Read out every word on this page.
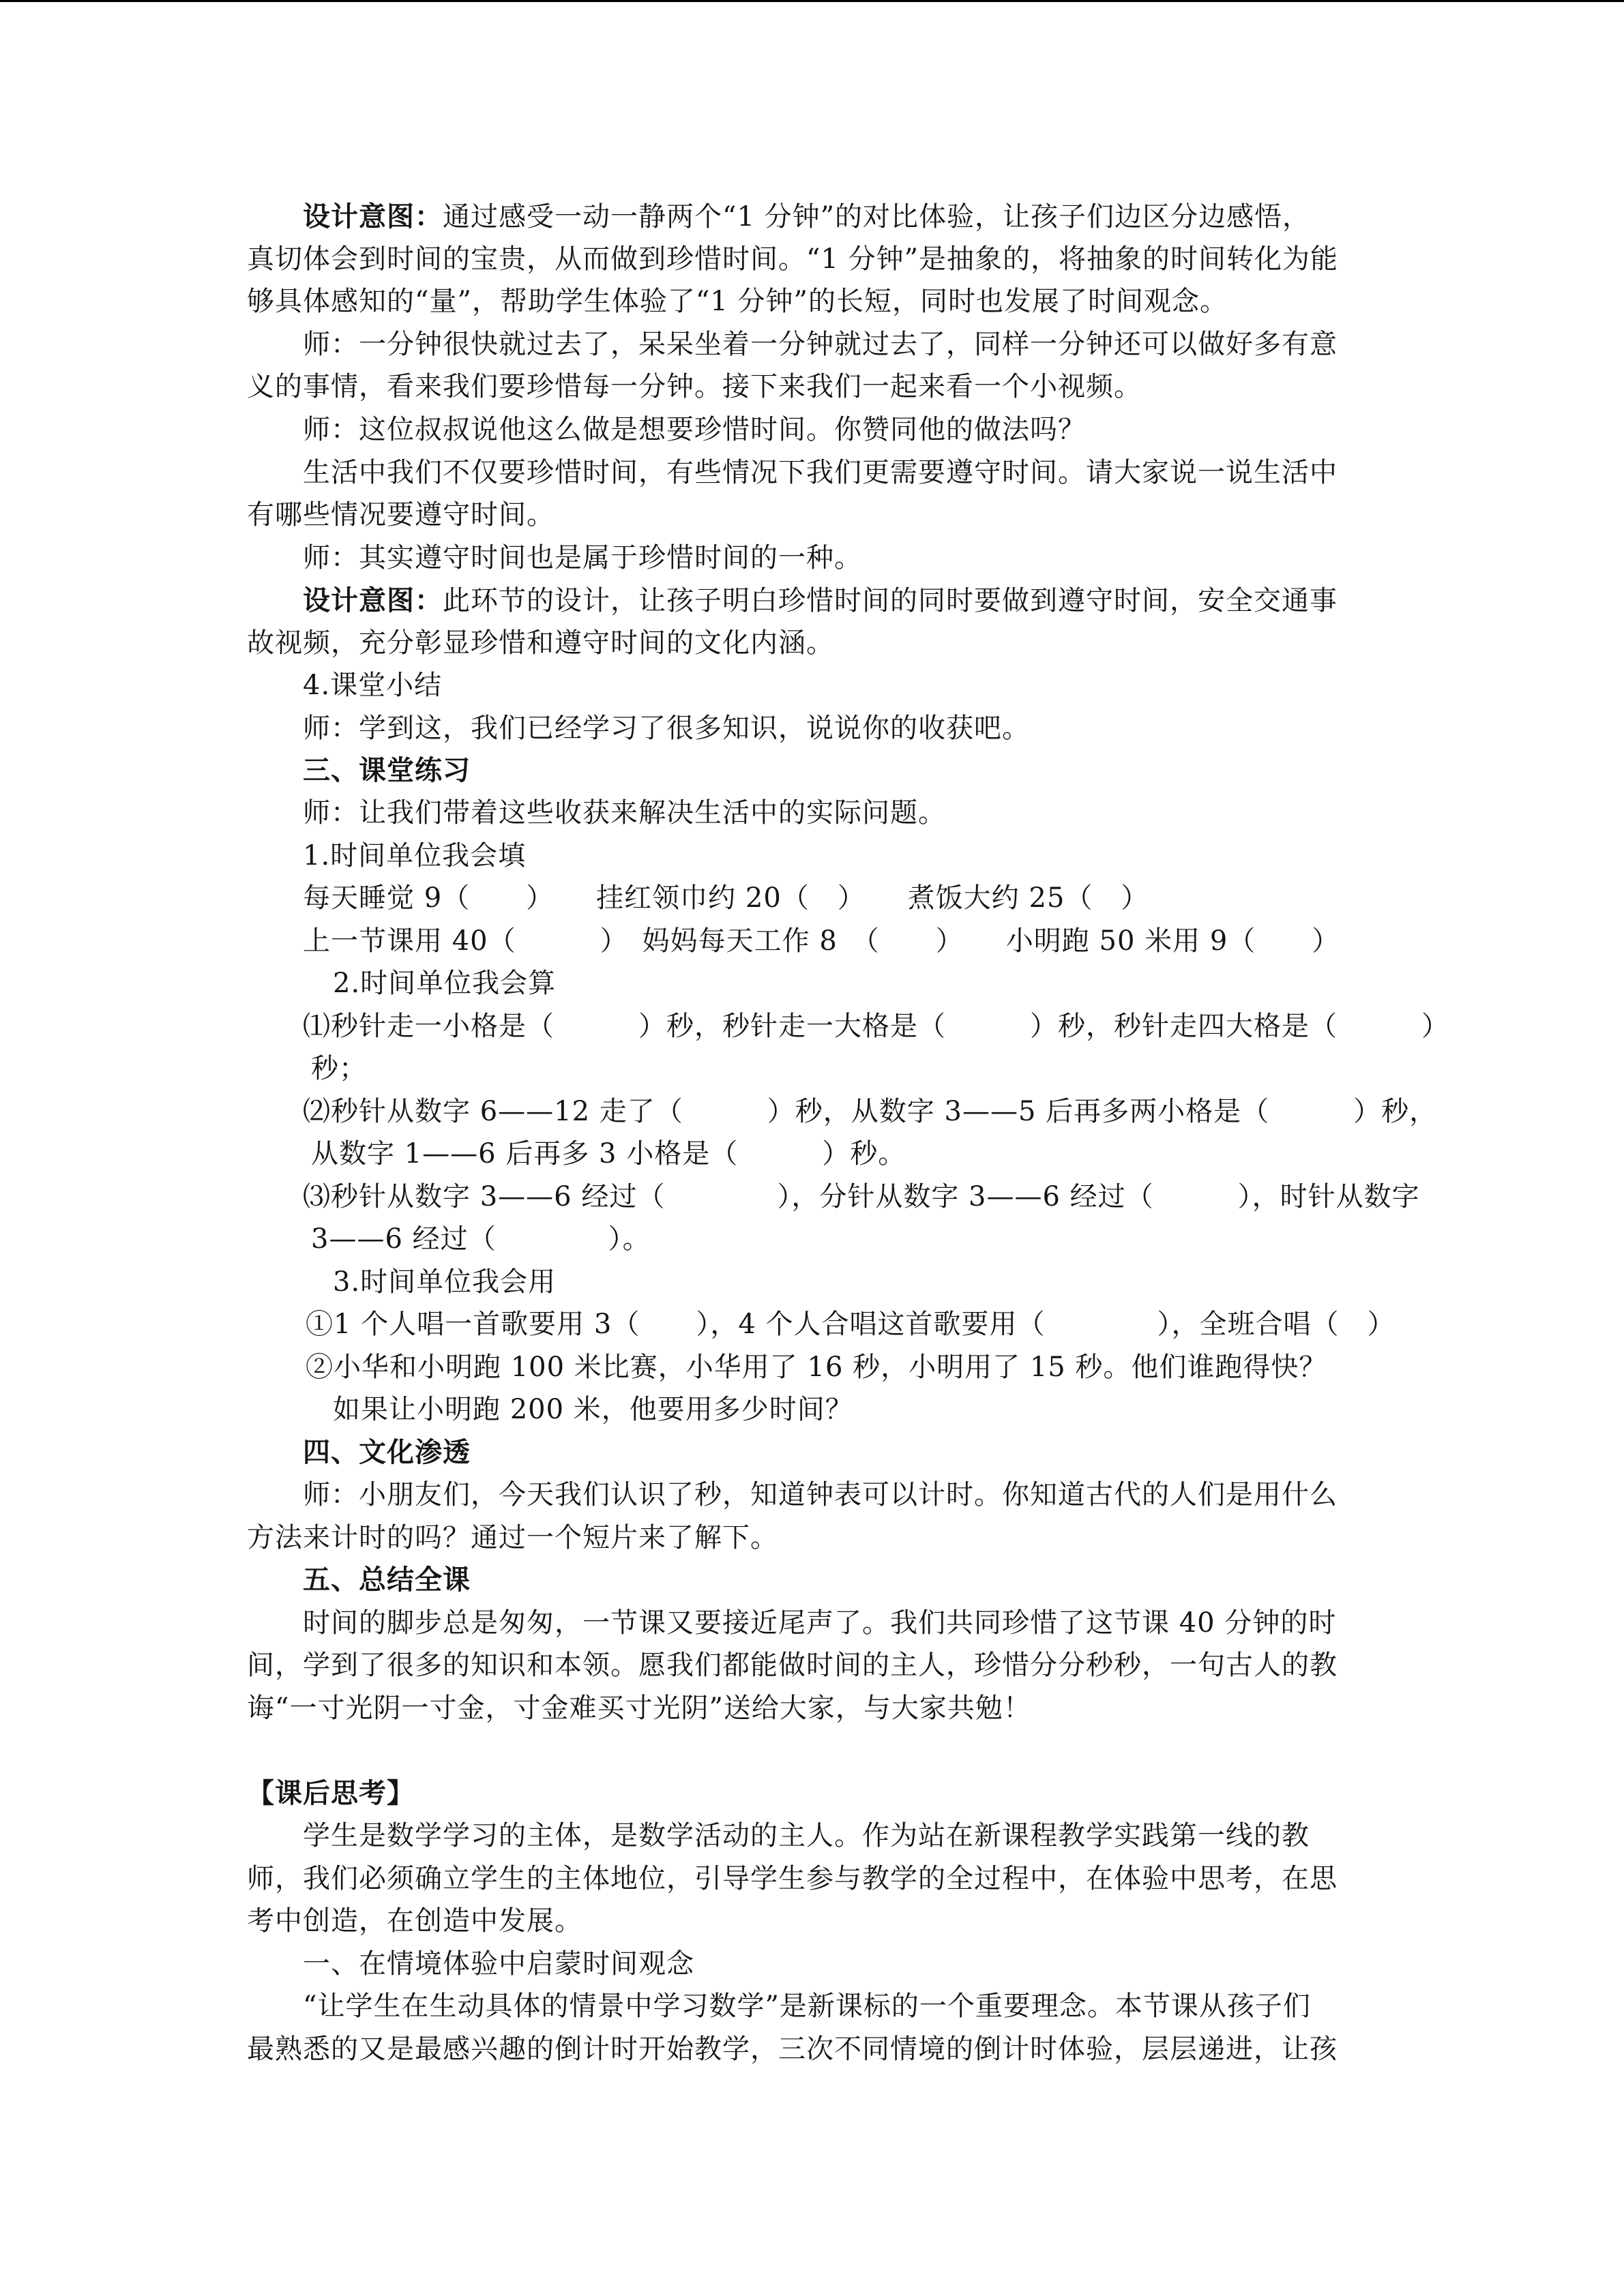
设计意图：通过感受一动一静两个“1 分钟”的对比体验，让孩子们边区分边感悟，
真切体会到时间的宝贵，从而做到珍惜时间。“1 分钟”是抽象的，将抽象的时间转化为能
够具体感知的“量”，帮助学生体验了“1 分钟”的长短，同时也发展了时间观念。
师：一分钟很快就过去了，呆呆坐着一分钟就过去了，同样一分钟还可以做好多有意
义的事情，看来我们要珍惜每一分钟。接下来我们一起来看一个小视频。
师：这位叔叔说他这么做是想要珍惜时间。你赞同他的做法吗？
生活中我们不仅要珍惜时间，有些情况下我们更需要遵守时间。请大家说一说生活中
有哪些情况要遵守时间。
师：其实遵守时间也是属于珍惜时间的一种。
设计意图：此环节的设计，让孩子明白珍惜时间的同时要做到遵守时间，安全交通事
故视频，充分彰显珍惜和遵守时间的文化内涵。
4.课堂小结
师：学到这，我们已经学习了很多知识，说说你的收获吧。
三、课堂练习
师：让我们带着这些收获来解决生活中的实际问题。
1.时间单位我会填
每天睡觉 9（　　）　　挂红领巾约 20（　）　　煮饭大约 25（　）
上一节课用 40（　　　）　妈妈每天工作 8　（　　）　　小明跑 50 米用 9（　　）
2.时间单位我会算
⑴秒针走一小格是（　　　）秒，秒针走一大格是（　　　）秒，秒针走四大格是（　　　）
秒；
⑵秒针从数字 6——12 走了（　　　）秒，从数字 3——5 后再多两小格是（　　　）秒，
从数字 1——6 后再多 3 小格是（　　　）秒。
⑶秒针从数字 3——6 经过（　　　　），分针从数字 3——6 经过（　　　），时针从数字
3——6 经过（　　　　）。
3.时间单位我会用
①1 个人唱一首歌要用 3（　　），4 个人合唱这首歌要用（　　　　），全班合唱（　）
②小华和小明跑 100 米比赛，小华用了 16 秒，小明用了 15 秒。他们谁跑得快？
如果让小明跑 200 米，他要用多少时间？
四、文化渗透
师：小朋友们，今天我们认识了秒，知道钟表可以计时。你知道古代的人们是用什么
方法来计时的吗？通过一个短片来了解下。
五、总结全课
时间的脚步总是匆匆，一节课又要接近尾声了。我们共同珍惜了这节课 40 分钟的时
间，学到了很多的知识和本领。愿我们都能做时间的主人，珍惜分分秒秒，一句古人的教
诲“一寸光阴一寸金，寸金难买寸光阴”送给大家，与大家共勉！
【课后思考】
学生是数学学习的主体，是数学活动的主人。作为站在新课程教学实践第一线的教
师，我们必须确立学生的主体地位，引导学生参与教学的全过程中，在体验中思考，在思
考中创造，在创造中发展。
一、在情境体验中启蒙时间观念
“让学生在生动具体的情景中学习数学”是新课标的一个重要理念。本节课从孩子们
最熟悉的又是最感兴趣的倒计时开始教学，三次不同情境的倒计时体验，层层递进，让孩
